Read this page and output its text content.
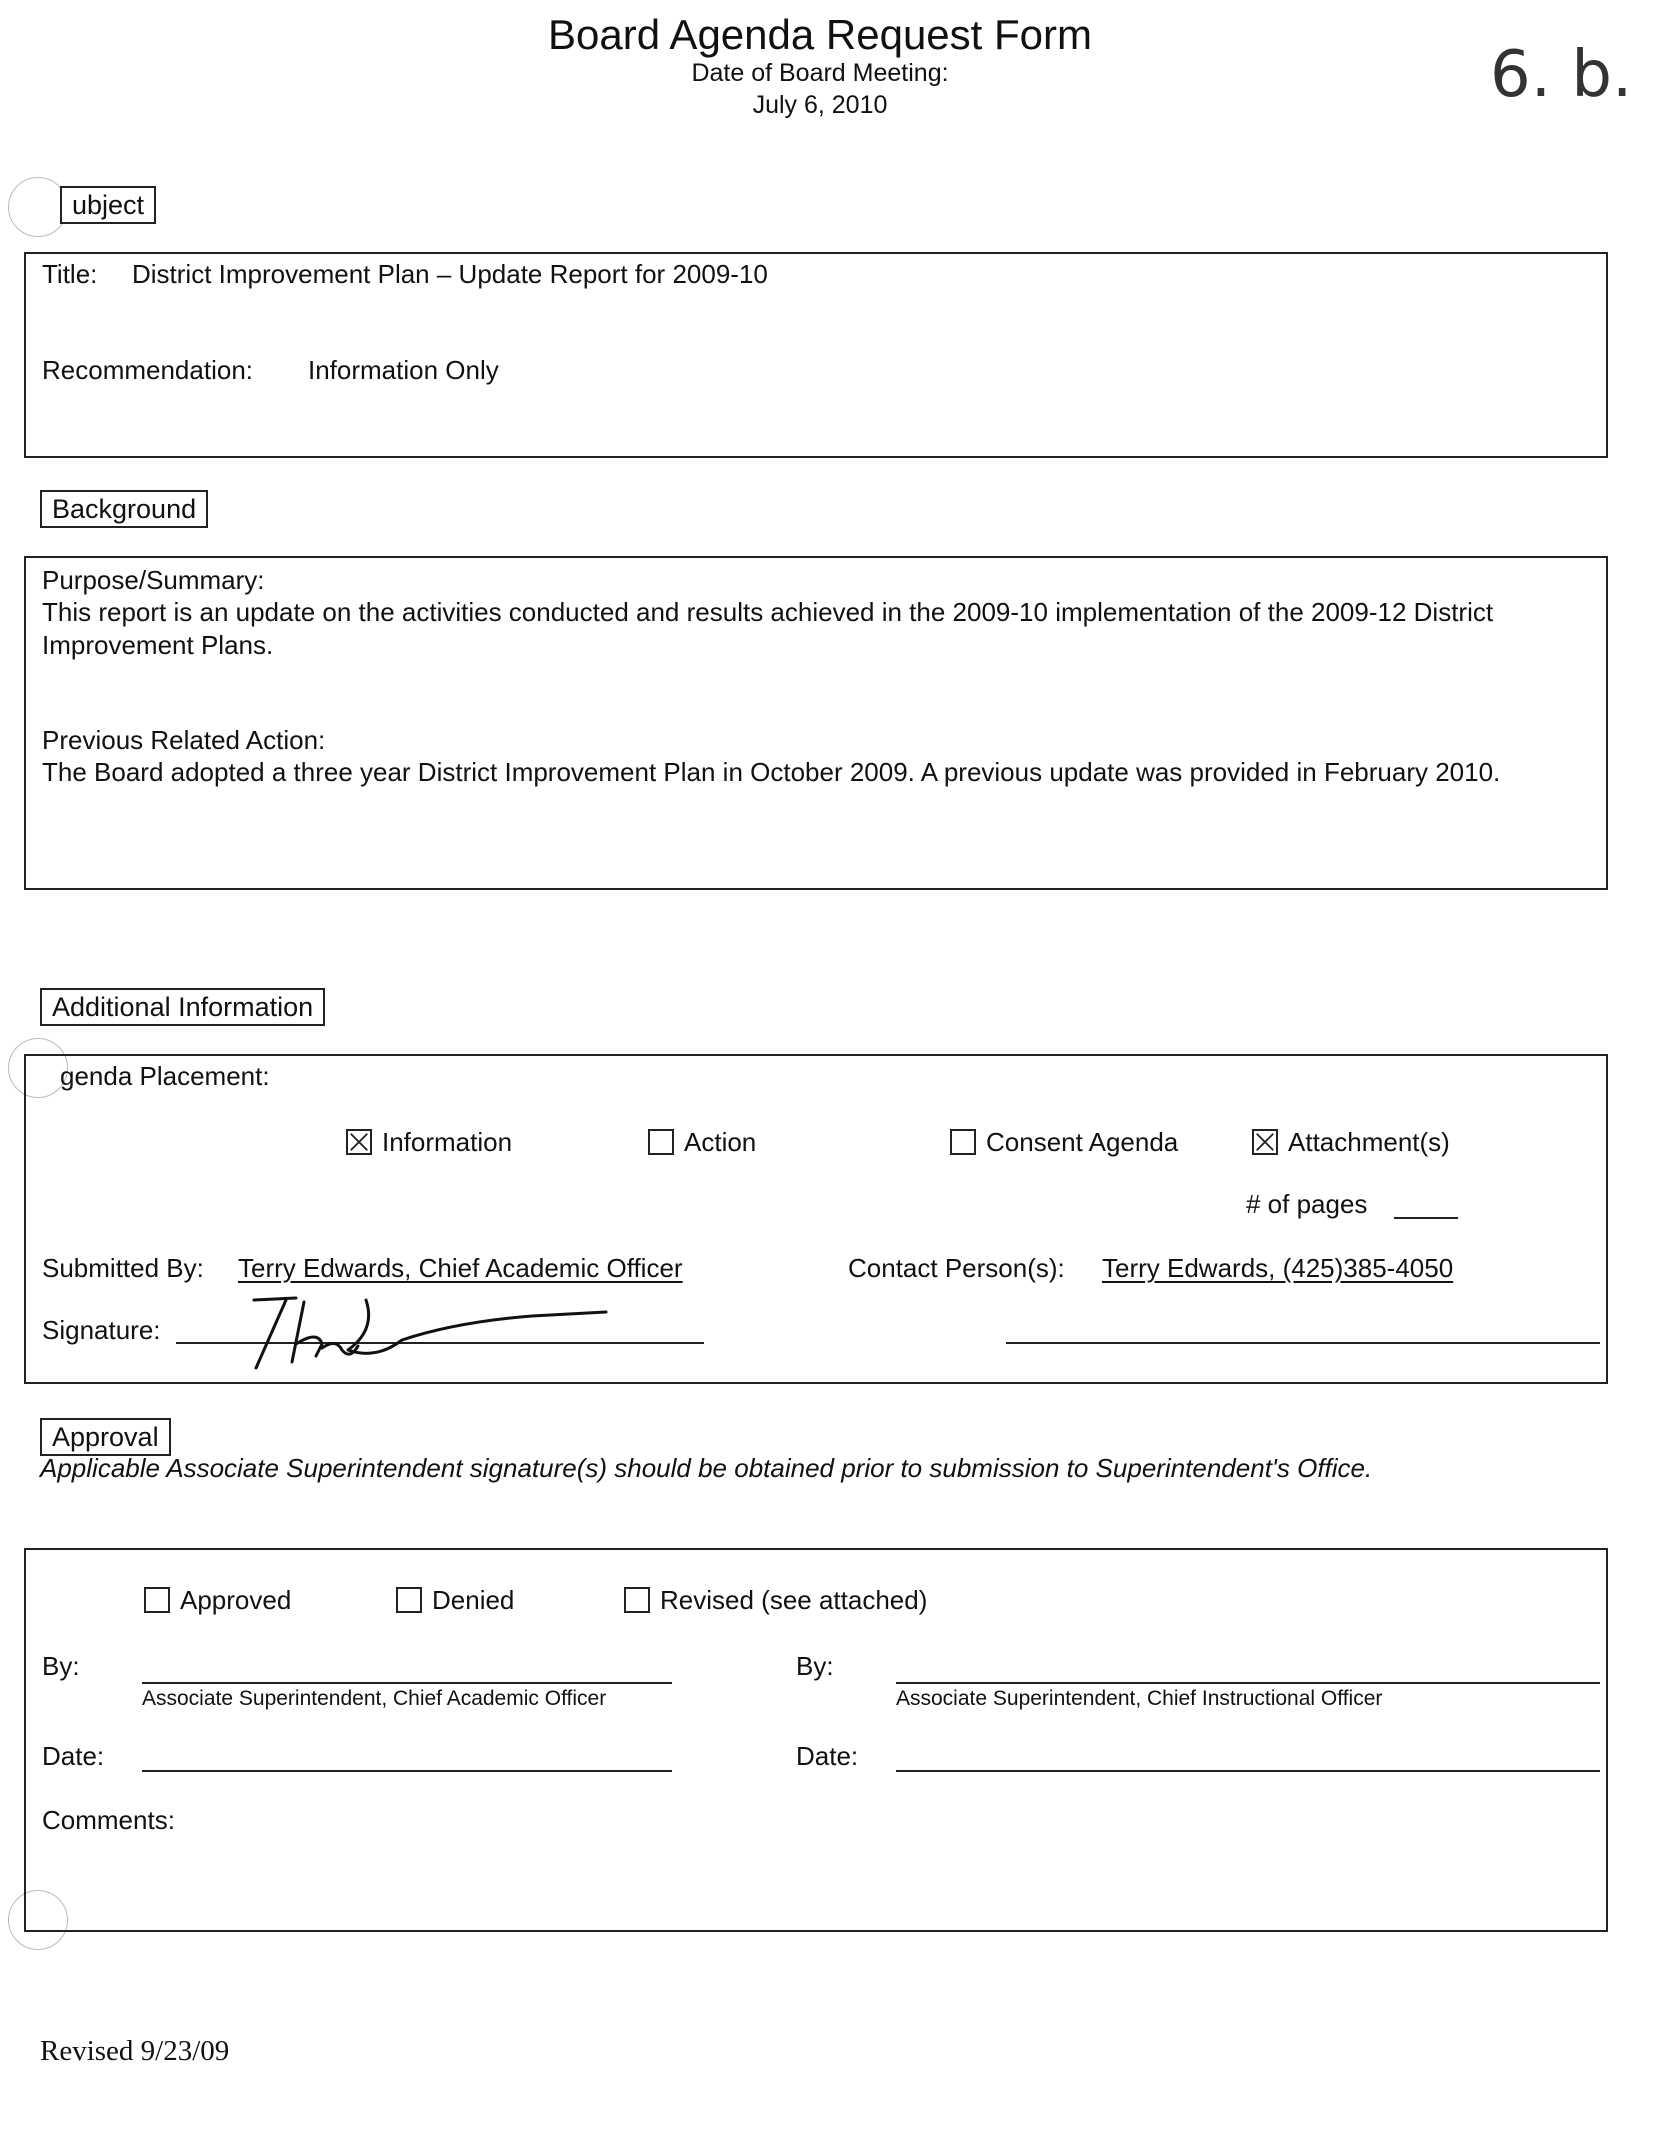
Board Agenda Request Form
Date of Board Meeting:
July 6, 2010	6. b.
ubject
Title: District Improvement Plan – Update Report for 2009-10
Recommendation: Information Only
Background
Purpose/Summary:
This report is an update on the activities conducted and results achieved in the 2009-10 implementation of the 2009-12 District Improvement Plans.
Previous Related Action:
The Board adopted a three year District Improvement Plan in October 2009. A previous update was provided in February 2010.
Additional Information
genda Placement:
Information	Action	Consent Agenda	Attachment(s)
# of pages
Submitted By: Terry Edwards, Chief Academic Officer	Contact Person(s): Terry Edwards, (425)385-4050
Signature:
Approval
Applicable Associate Superintendent signature(s) should be obtained prior to submission to Superintendent's Office.
Approved	Denied	Revised (see attached)
By:
Associate Superintendent, Chief Academic Officer
By:
Associate Superintendent, Chief Instructional Officer
Date:	Date:
Comments:
Revised 9/23/09
